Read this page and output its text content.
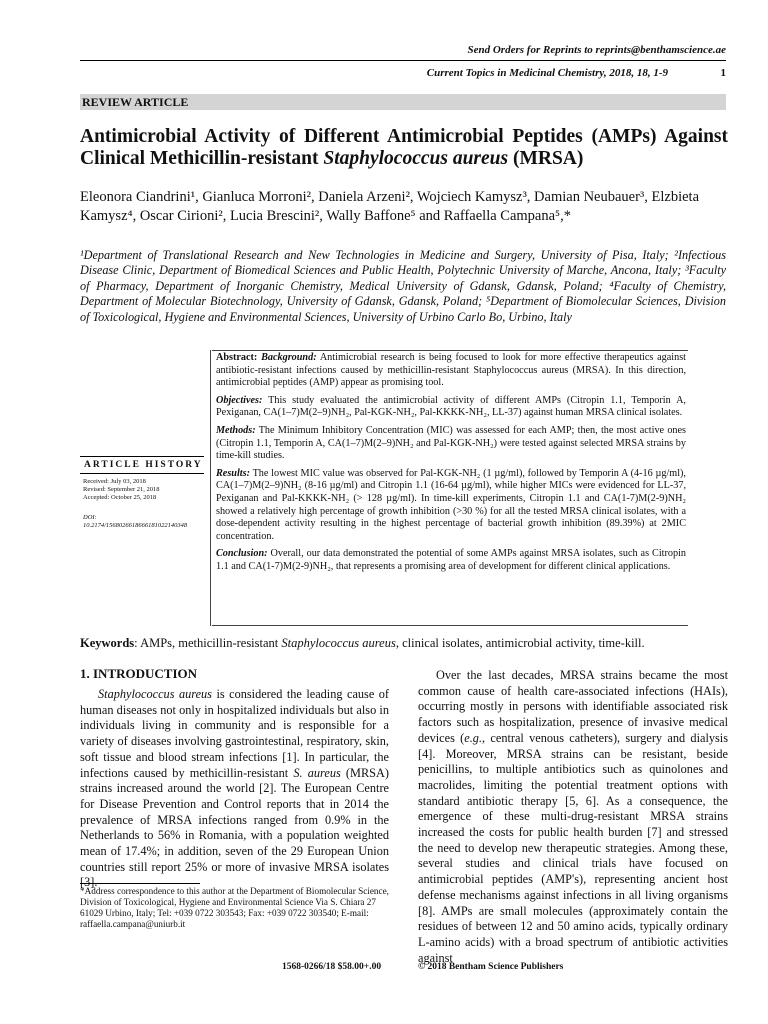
Send Orders for Reprints to reprints@benthamscience.ae
Current Topics in Medicinal Chemistry, 2018, 18, 1-9	1
REVIEW ARTICLE
Antimicrobial Activity of Different Antimicrobial Peptides (AMPs) Against Clinical Methicillin-resistant Staphylococcus aureus (MRSA)
Eleonora Ciandrini¹, Gianluca Morroni², Daniela Arzeni², Wojciech Kamysz³, Damian Neubauer³, Elzbieta Kamysz⁴, Oscar Cirioni², Lucia Brescini², Wally Baffone⁵ and Raffaella Campana⁵,*
¹Department of Translational Research and New Technologies in Medicine and Surgery, University of Pisa, Italy; ²Infectious Disease Clinic, Department of Biomedical Sciences and Public Health, Polytechnic University of Marche, Ancona, Italy; ³Faculty of Pharmacy, Department of Inorganic Chemistry, Medical University of Gdansk, Gdansk, Poland; ⁴Faculty of Chemistry, Department of Molecular Biotechnology, University of Gdansk, Gdansk, Poland; ⁵Department of Biomolecular Sciences, Division of Toxicological, Hygiene and Environmental Sciences, University of Urbino Carlo Bo, Urbino, Italy

Abstract: Background: Antimicrobial research is being focused to look for more effective therapeutics against antibiotic-resistant infections caused by methicillin-resistant Staphylococcus aureus (MRSA). In this direction, antimicrobial peptides (AMP) appear as promising tool.

Objectives: This study evaluated the antimicrobial activity of different AMPs (Citropin 1.1, Temporin A, Pexiganan, CA(1–7)M(2–9)NH₂, Pal-KGK-NH₂, Pal-KKKK-NH₂, LL-37) against human MRSA clinical isolates.

Methods: The Minimum Inhibitory Concentration (MIC) was assessed for each AMP; then, the most active ones (Citropin 1.1, Temporin A, CA(1–7)M(2–9)NH₂ and Pal-KGK-NH₂) were tested against selected MRSA strains by time-kill studies.

Results: The lowest MIC value was observed for Pal-KGK-NH₂ (1 µg/ml), followed by Temporin A (4-16 µg/ml), CA(1–7)M(2–9)NH₂ (8-16 µg/ml) and Citropin 1.1 (16-64 µg/ml), while higher MICs were evidenced for LL-37, Pexiganan and Pal-KKKK-NH₂ (> 128 µg/ml). In time-kill experiments, Citropin 1.1 and CA(1-7)M(2-9)NH₂ showed a relatively high percentage of growth inhibition (>30 %) for all the tested MRSA clinical isolates, with a dose-dependent activity resulting in the highest percentage of bacterial growth inhibition (89.39%) at 2MIC concentration.

Conclusion: Overall, our data demonstrated the potential of some AMPs against MRSA isolates, such as Citropin 1.1 and CA(1-7)M(2-9)NH₂, that represents a promising area of development for different clinical applications.

ARTICLE HISTORY
Received: July 03, 2018
Revised: September 21, 2018
Accepted: October 25, 2018
DOI:
10.2174/1568026618666181022140348
Keywords: AMPs, methicillin-resistant Staphylococcus aureus, clinical isolates, antimicrobial activity, time-kill.
1. INTRODUCTION

Staphylococcus aureus is considered the leading cause of human diseases not only in hospitalized individuals but also in individuals living in community and is responsible for a variety of diseases involving gastrointestinal, respiratory, skin, soft tissue and blood stream infections [1]. In particular, the infections caused by methicillin-resistant S. aureus (MRSA) strains increased around the world [2]. The European Centre for Disease Prevention and Control reports that in 2014 the prevalence of MRSA infections ranged from 0.9% in the Netherlands to 56% in Romania, with a population weighted mean of 17.4%; in addition, seven of the 29 European Union countries still report 25% or more of invasive MRSA isolates [3].

Over the last decades, MRSA strains became the most common cause of health care-associated infections (HAIs), occurring mostly in persons with identifiable associated risk factors such as hospitalization, presence of invasive medical devices (e.g., central venous catheters), surgery and dialysis [4]. Moreover, MRSA strains can be resistant, beside penicillins, to multiple antibiotics such as quinolones and macrolides, limiting the potential treatment options with standard antibiotic therapy [5, 6]. As a consequence, the emergence of these multi-drug-resistant MRSA strains increased the costs for public health burden [7] and stressed the need to develop new therapeutic strategies. Among these, several studies and clinical trials have focused on antimicrobial peptides (AMP's), representing ancient host defense mechanisms against infections in all living organisms [8]. AMPs are small molecules (approximately contain the residues of between 12 and 50 amino acids, typically ordinary L-amino acids) with a broad spectrum of antibiotic activities against

*Address correspondence to this author at the Department of Biomolecular Science, Division of Toxicological, Hygiene and Environmental Science Via S. Chiara 27 61029 Urbino, Italy; Tel: +039 0722 303543; Fax: +039 0722 303540; E-mail: raffaella.campana@uniurb.it
1568-0266/18 $58.00+.00	© 2018 Bentham Science Publishers
